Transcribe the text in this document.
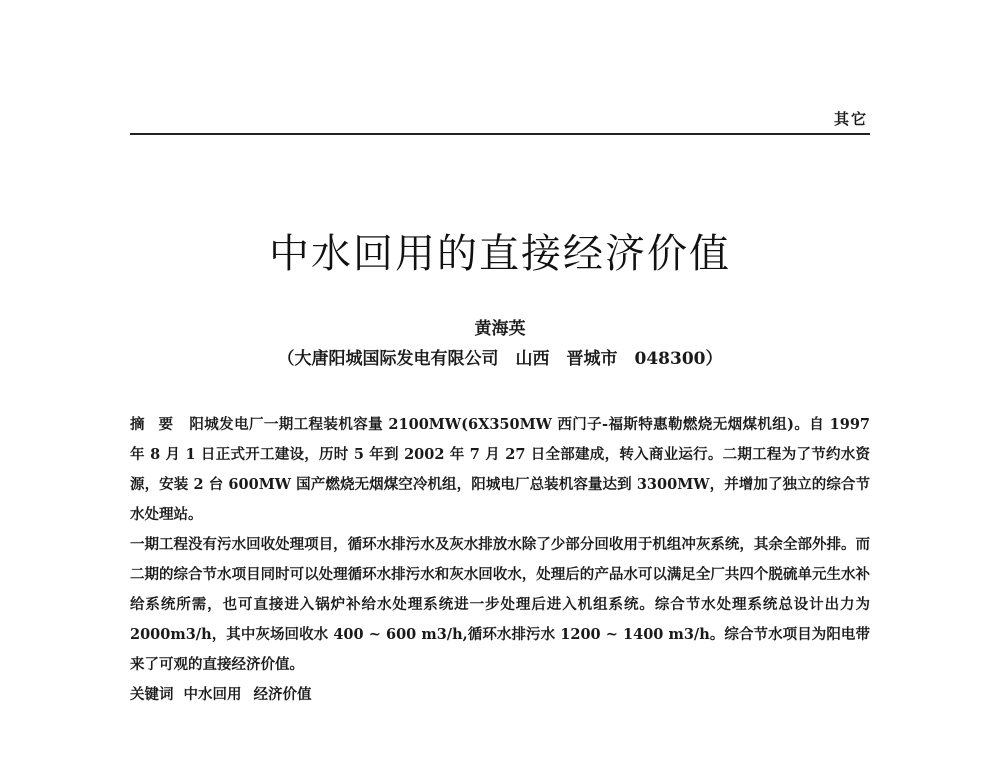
其它
中水回用的直接经济价值
黄海英
（大唐阳城国际发电有限公司　山西　晋城市　048300）

摘要 阳城发电厂一期工程装机容量 2100MW(6X350MW 西门子-福斯特惠勒燃烧无烟煤机组)。自 1997 年 8 月 1 日正式开工建设，历时 5 年到 2002 年 7 月 27 日全部建成，转入商业运行。二期工程为了节约水资源，安装 2 台 600MW 国产燃烧无烟煤空冷机组，阳城电厂总装机容量达到 3300MW，并增加了独立的综合节水处理站。

一期工程没有污水回收处理项目，循环水排污水及灰水排放水除了少部分回收用于机组冲灰系统，其余全部外排。而二期的综合节水项目同时可以处理循环水排污水和灰水回收水，处理后的产品水可以满足全厂共四个脱硫单元生水补给系统所需，也可直接进入锅炉补给水处理系统进一步处理后进入机组系统。综合节水处理系统总设计出力为 2000m3/h，其中灰场回收水 400 ~ 600 m3/h,循环水排污水 1200 ~ 1400 m3/h。综合节水项目为阳电带来了可观的直接经济价值。

关键词 中水回用 经济价值
